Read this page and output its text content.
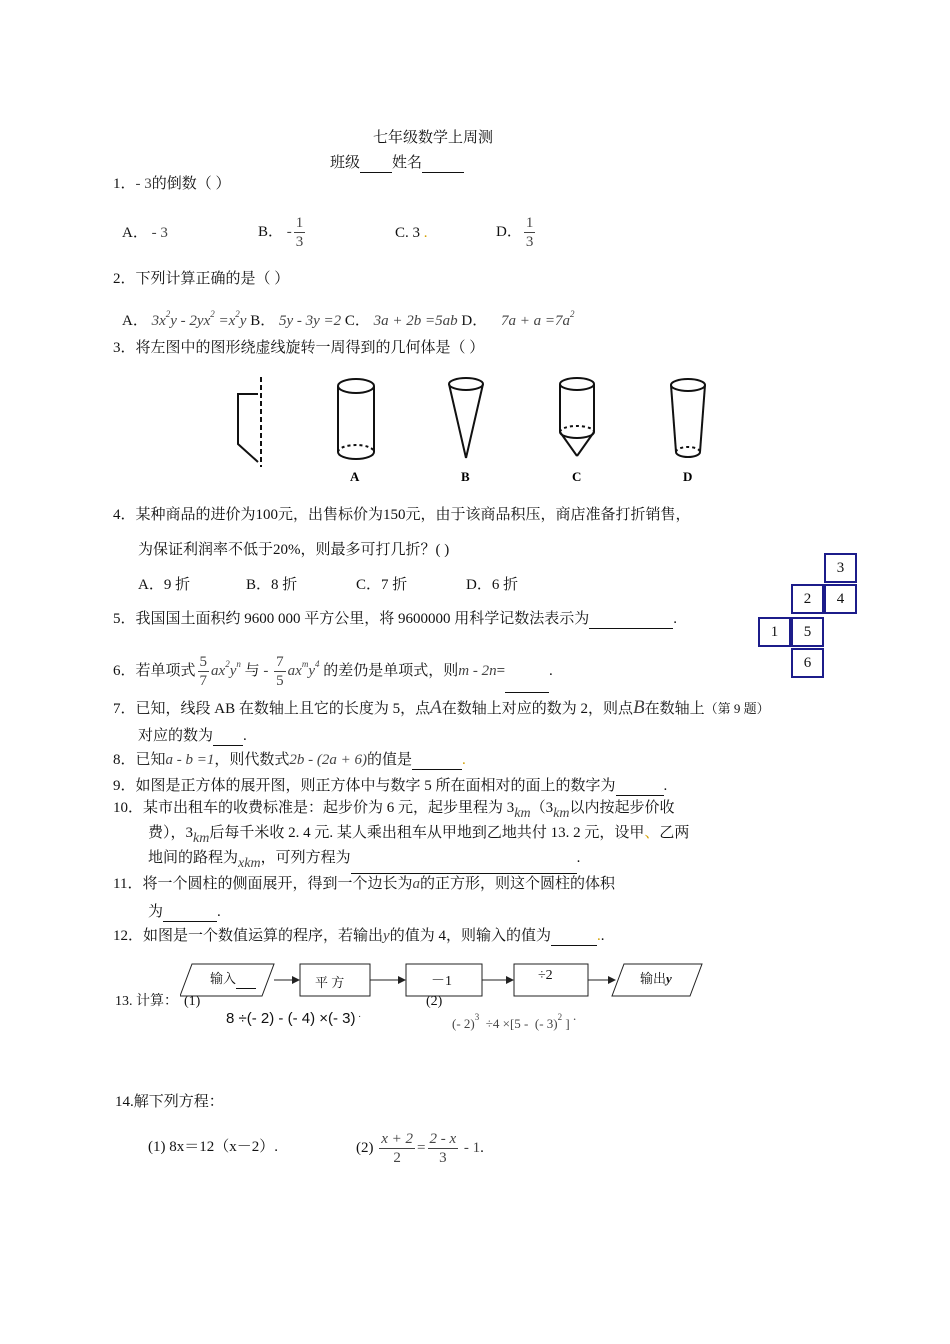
七年级数学上周测
班级 姓名
1．- 3的倒数（ ）
A． - 3	B． - $\frac{1}{3}$	C. 3 .	D． $\frac{1}{3}$
2．下列计算正确的是（ ）
A． $3x^2y - 2yx^2 =x^2y$ B． 5y - 3y =2 C． 3a + 2b =5ab D． $7a + a =7a^2$
3．将左图中的图形绕虚线旋转一周得到的几何体是（ ）
A	B	C	D
4．某种商品的进价为100元，出售标价为150元，由于该商品积压，商店准备打折销售，
为保证利润率不低于20%，则最多可打几折？( )
A．9 折	B．8 折	C．7 折	D．6 折
3
2	4
1	5
6
5．我国国土面积约 9600 000 平方公里，将 9600000 用科学记数法表示为	.
6．若单项式 $\frac{5}{7} ax^2y^n$ 与 - $\frac{7}{5} ax^my^4$ 的差仍是单项式，则m - 2n=	.
7．已知，线段 AB 在数轴上且它的长度为 5，点A在数轴上对应的数为 2，则点B在数轴上（第 9 题）
对应的数为 .
8．已知a - b =1，则代数式2b - (2a + 6)的值是	.
9．如图是正方体的展开图，则正方体中与数字 5 所在面相对的面上的数字为	.
10．某市出租车的收费标准是：起步价为 6 元，起步里程为 3km（3km以内按起步价收
费），3km后每千米收 2. 4 元. 某人乘出租车从甲地到乙地共付 13. 2 元，设甲、乙两
地间的路程为xkm，可列方程为	.
11．将一个圆柱的侧面展开，得到一个边长为a的正方形，则这个圆柱的体积
为	.
12．如图是一个数值运算的程序，若输出y的值为 4，则输入的值为	..
输入	平 方	－1	÷2	输出y
13. 计算： (1)
8 ÷(- 2) - (- 4) ×(- 3) .
(2)
(- 2)$^3$  ÷4 ×[5 -  (- 3)$^2$ ] .
14.解下列方程：
(1) 8x＝12（x－2）.	$(2) \frac{x + 2}{2} = \frac{2 - x}{3} - 1$.
